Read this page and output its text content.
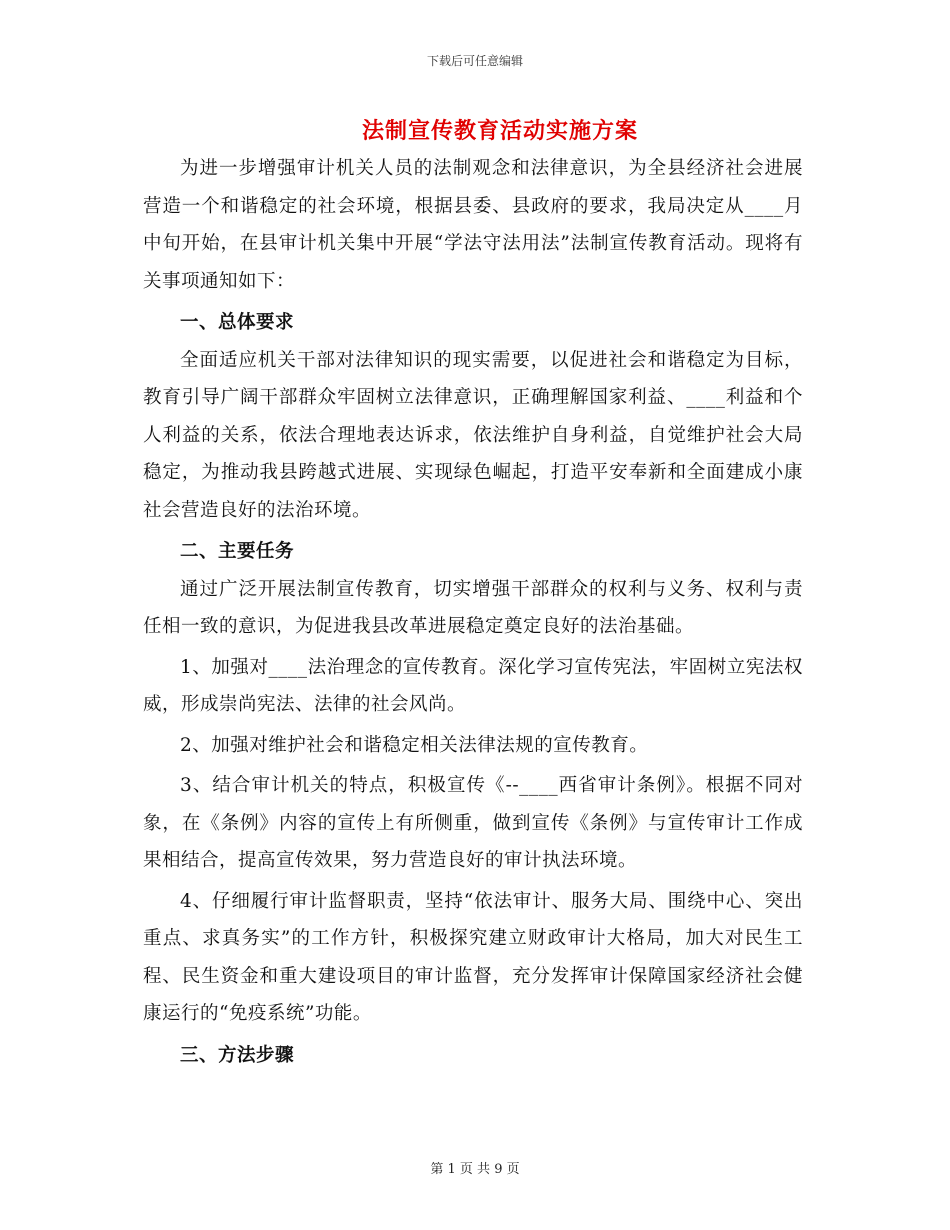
下载后可任意编辑
法制宣传教育活动实施方案

为进一步增强审计机关人员的法制观念和法律意识，为全县经济社会进展营造一个和谐稳定的社会环境，根据县委、县政府的要求，我局决定从____月中旬开始，在县审计机关集中开展“学法守法用法”法制宣传教育活动。现将有关事项通知如下：

一、总体要求

全面适应机关干部对法律知识的现实需要，以促进社会和谐稳定为目标，教育引导广阔干部群众牢固树立法律意识，正确理解国家利益、____利益和个人利益的关系，依法合理地表达诉求，依法维护自身利益，自觉维护社会大局稳定，为推动我县跨越式进展、实现绿色崛起，打造平安奉新和全面建成小康社会营造良好的法治环境。

二、主要任务

通过广泛开展法制宣传教育，切实增强干部群众的权利与义务、权利与责任相一致的意识，为促进我县改革进展稳定奠定良好的法治基础。

1、加强对____法治理念的宣传教育。深化学习宣传宪法，牢固树立宪法权威，形成崇尚宪法、法律的社会风尚。

2、加强对维护社会和谐稳定相关法律法规的宣传教育。

3、结合审计机关的特点，积极宣传《--____西省审计条例》。根据不同对象，在《条例》内容的宣传上有所侧重，做到宣传《条例》与宣传审计工作成果相结合，提高宣传效果，努力营造良好的审计执法环境。

4、仔细履行审计监督职责，坚持“依法审计、服务大局、围绕中心、突出重点、求真务实”的工作方针，积极探究建立财政审计大格局，加大对民生工程、民生资金和重大建设项目的审计监督，充分发挥审计保障国家经济社会健康运行的“免疫系统”功能。

三、方法步骤

第 1 页 共 9 页
